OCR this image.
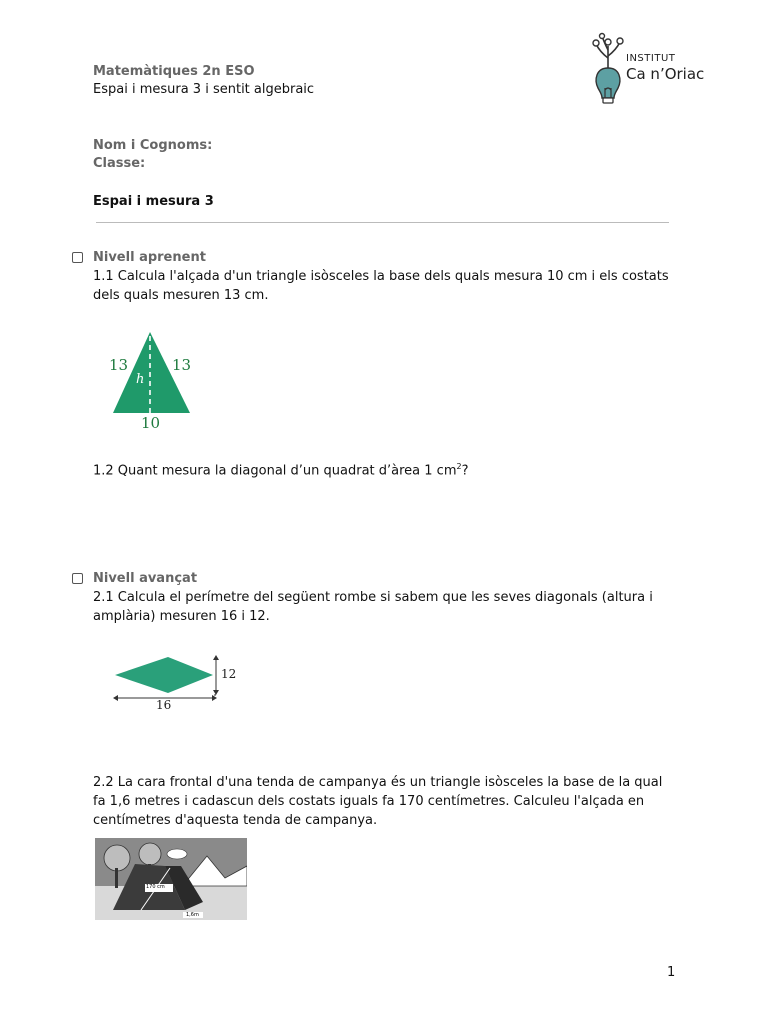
Matemàtiques 2n ESO
Espai i mesura 3 i sentit algebraic
INSTITUT
Ca n’Oriac
Nom i Cognoms:
Classe:
Espai i mesura 3
Nivell aprenent
1.1 Calcula l'alçada d'un triangle isòsceles la base dels quals mesura 10 cm i els costats dels quals mesuren 13 cm.
13	13
h
10
1.2 Quant mesura la diagonal d’un quadrat d’àrea 1 $cm^2$?
Nivell avançat
2.1 Calcula el perímetre del següent rombe si sabem que les seves diagonals (altura i amplària) mesuren 16 i 12.
12
16
2.2 La cara frontal d'una tenda de campanya és un triangle isòsceles la base de la qual fa 1,6 metres i cadascun dels costats iguals fa 170 centímetres. Calculeu l'alçada en centímetres d'aquesta tenda de campanya.
170 cm
1,6m
1
